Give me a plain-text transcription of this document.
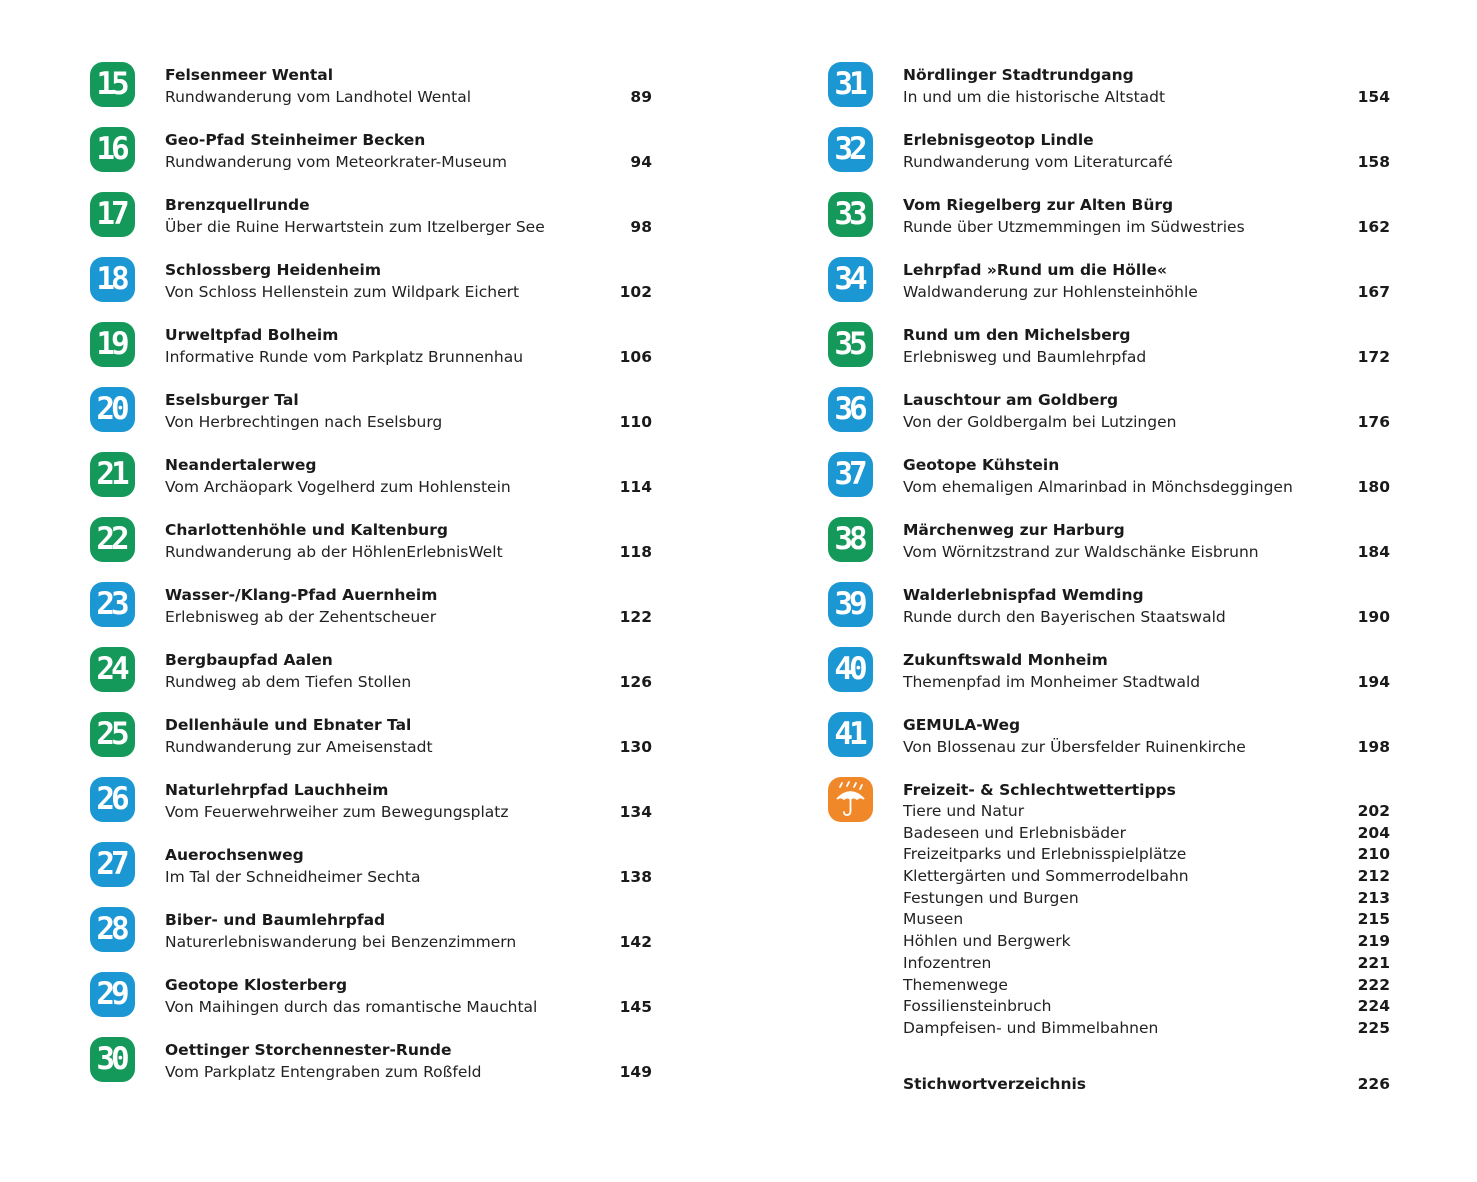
15	Felsenmeer Wental
Rundwanderung vom Landhotel Wental	89
16	Geo-Pfad Steinheimer Becken
Rundwanderung vom Meteorkrater-Museum	94
17	Brenzquellrunde
Über die Ruine Herwartstein zum Itzelberger See	98
18	Schlossberg Heidenheim
Von Schloss Hellenstein zum Wildpark Eichert	102
19	Urweltpfad Bolheim
Informative Runde vom Parkplatz Brunnenhau	106
20	Eselsburger Tal
Von Herbrechtingen nach Eselsburg	110
21	Neandertalerweg
Vom Archäopark Vogelherd zum Hohlenstein	114
22	Charlottenhöhle und Kaltenburg
Rundwanderung ab der HöhlenErlebnisWelt	118
23	Wasser-/Klang-Pfad Auernheim
Erlebnisweg ab der Zehentscheuer	122
24	Bergbaupfad Aalen
Rundweg ab dem Tiefen Stollen	126
25	Dellenhäule und Ebnater Tal
Rundwanderung zur Ameisenstadt	130
26	Naturlehrpfad Lauchheim
Vom Feuerwehrweiher zum Bewegungsplatz	134
27	Auerochsenweg
Im Tal der Schneidheimer Sechta	138
28	Biber- und Baumlehrpfad
Naturerlebniswanderung bei Benzenzimmern	142
29	Geotope Klosterberg
Von Maihingen durch das romantische Mauchtal	145
30	Oettinger Storchennester-Runde
Vom Parkplatz Entengraben zum Roßfeld	149
31	Nördlinger Stadtrundgang
In und um die historische Altstadt	154
32	Erlebnisgeotop Lindle
Rundwanderung vom Literaturcafé	158
33	Vom Riegelberg zur Alten Bürg
Runde über Utzmemmingen im Südwestries	162
34	Lehrpfad »Rund um die Hölle«
Waldwanderung zur Hohlensteinhöhle	167
35	Rund um den Michelsberg
Erlebnisweg und Baumlehrpfad	172
36	Lauschtour am Goldberg
Von der Goldbergalm bei Lutzingen	176
37	Geotope Kühstein
Vom ehemaligen Almarinbad in Mönchsdeggingen	180
38	Märchenweg zur Harburg
Vom Wörnitzstrand zur Waldschänke Eisbrunn	184
39	Walderlebnispfad Wemding
Runde durch den Bayerischen Staatswald	190
40	Zukunftswald Monheim
Themenpfad im Monheimer Stadtwald	194
41	GEMULA-Weg
Von Blossenau zur Übersfelder Ruinenkirche	198
Freizeit- & Schlechtwettertipps
Tiere und Natur	202
Badeseen und Erlebnisbäder	204
Freizeitparks und Erlebnisspielplätze	210
Klettergärten und Sommerrodelbahn	212
Festungen und Burgen	213
Museen	215
Höhlen und Bergwerk	219
Infozentren	221
Themenwege	222
Fossiliensteinbruch	224
Dampfeisen- und Bimmelbahnen	225
Stichwortverzeichnis	226
